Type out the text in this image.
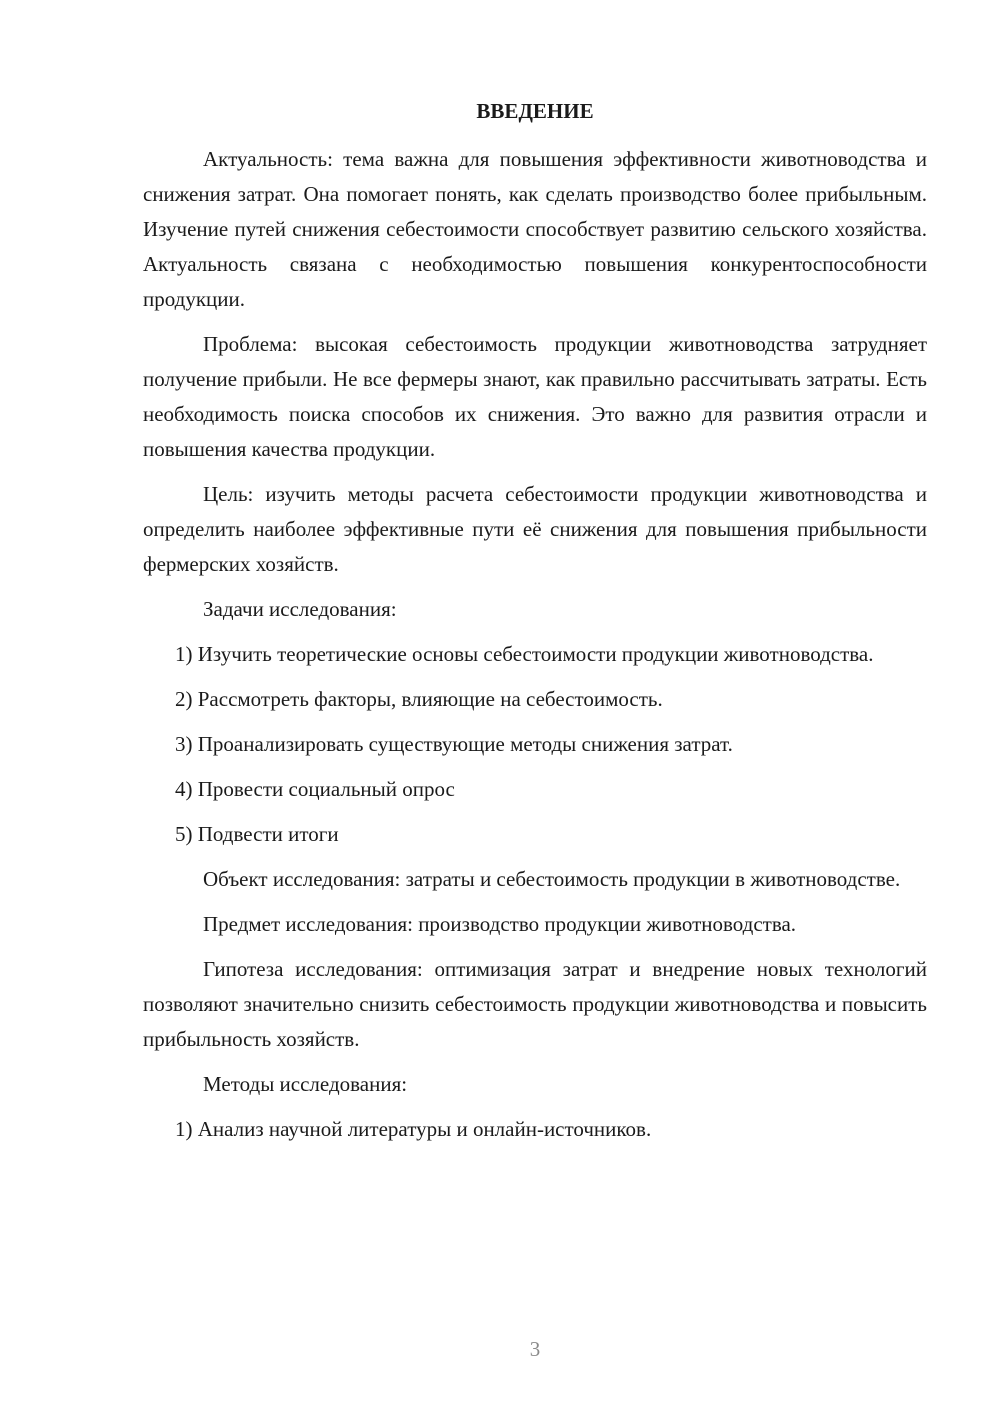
ВВЕДЕНИЕ

Актуальность: тема важна для повышения эффективности животноводства и снижения затрат. Она помогает понять, как сделать производство более прибыльным. Изучение путей снижения себестоимости способствует развитию сельского хозяйства. Актуальность связана с необходимостью повышения конкурентоспособности продукции.

Проблема: высокая себестоимость продукции животноводства затрудняет получение прибыли. Не все фермеры знают, как правильно рассчитывать затраты. Есть необходимость поиска способов их снижения. Это важно для развития отрасли и повышения качества продукции.

Цель: изучить методы расчета себестоимости продукции животноводства и определить наиболее эффективные пути её снижения для повышения прибыльности фермерских хозяйств.

Задачи исследования:

1) Изучить теоретические основы себестоимости продукции животноводства.

2) Рассмотреть факторы, влияющие на себестоимость.

3) Проанализировать существующие методы снижения затрат.

4) Провести социальный опрос

5) Подвести итоги

Объект исследования: затраты и себестоимость продукции в животноводстве.

Предмет исследования: производство продукции животноводства.

Гипотеза исследования: оптимизация затрат и внедрение новых технологий позволяют значительно снизить себестоимость продукции животноводства и повысить прибыльность хозяйств.

Методы исследования:

1) Анализ научной литературы и онлайн-источников.

3
